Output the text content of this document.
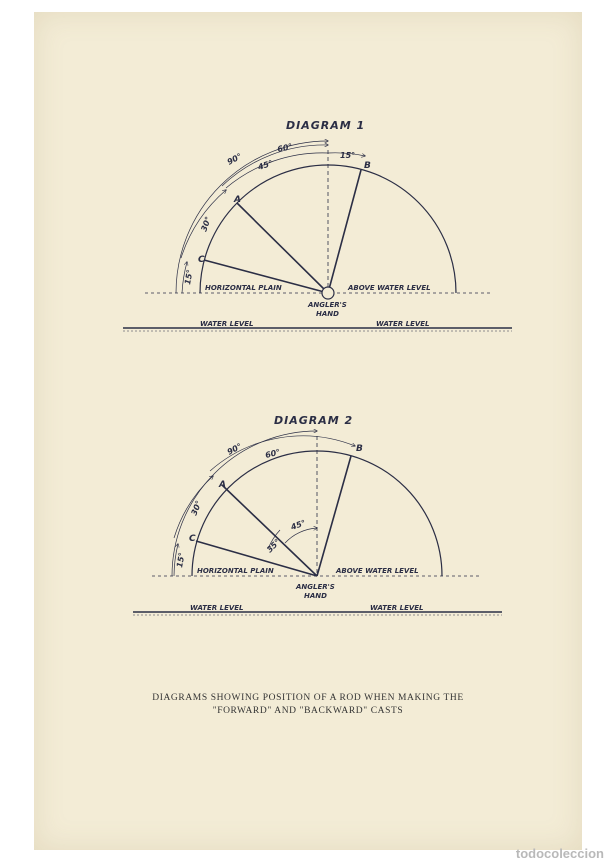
DIAGRAM 1
90°
60°
45°
15°
30°
15°
A
B
C
HORIZONTAL PLAIN	ABOVE WATER LEVEL
ANGLER'S
HAND
WATER LEVEL	WATER LEVEL
DIAGRAM 2
90°	60°
30°
15°
45°
35°
A
B
C
HORIZONTAL PLAIN	ABOVE WATER LEVEL
ANGLER'S
HAND
WATER LEVEL	WATER LEVEL
DIAGRAMS SHOWING POSITION OF A ROD WHEN MAKING THE
"FORWARD" AND "BACKWARD" CASTS
todocoleccion
